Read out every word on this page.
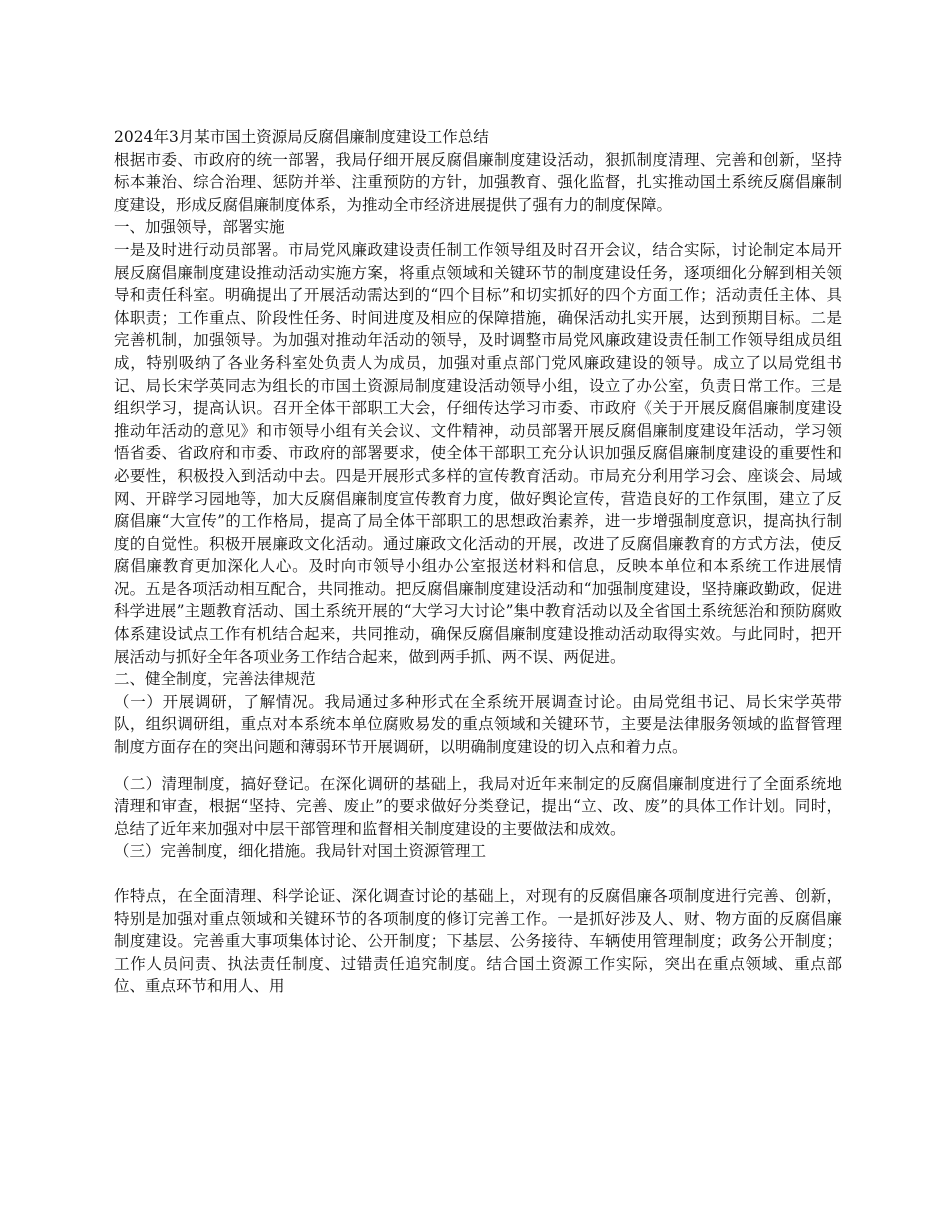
2024年3月某市国土资源局反腐倡廉制度建设工作总结

根据市委、市政府的统一部署，我局仔细开展反腐倡廉制度建设活动，狠抓制度清理、完善和创新，坚持标本兼治、综合治理、惩防并举、注重预防的方针，加强教育、强化监督，扎实推动国土系统反腐倡廉制度建设，形成反腐倡廉制度体系，为推动全市经济进展提供了强有力的制度保障。

一、加强领导，部署实施

一是及时进行动员部署。市局党风廉政建设责任制工作领导组及时召开会议，结合实际，讨论制定本局开展反腐倡廉制度建设推动活动实施方案，将重点领域和关键环节的制度建设任务，逐项细化分解到相关领导和责任科室。明确提出了开展活动需达到的“四个目标”和切实抓好的四个方面工作；活动责任主体、具体职责；工作重点、阶段性任务、时间进度及相应的保障措施，确保活动扎实开展，达到预期目标。二是完善机制，加强领导。为加强对推动年活动的领导，及时调整市局党风廉政建设责任制工作领导组成员组成，特别吸纳了各业务科室处负责人为成员，加强对重点部门党风廉政建设的领导。成立了以局党组书记、局长宋学英同志为组长的市国土资源局制度建设活动领导小组，设立了办公室，负责日常工作。三是组织学习，提高认识。召开全体干部职工大会，仔细传达学习市委、市政府《关于开展反腐倡廉制度建设推动年活动的意见》和市领导小组有关会议、文件精神，动员部署开展反腐倡廉制度建设年活动，学习领悟省委、省政府和市委、市政府的部署要求，使全体干部职工充分认识加强反腐倡廉制度建设的重要性和必要性，积极投入到活动中去。四是开展形式多样的宣传教育活动。市局充分利用学习会、座谈会、局域网、开辟学习园地等，加大反腐倡廉制度宣传教育力度，做好舆论宣传，营造良好的工作氛围，建立了反腐倡廉“大宣传”的工作格局，提高了局全体干部职工的思想政治素养，进一步增强制度意识，提高执行制度的自觉性。积极开展廉政文化活动。通过廉政文化活动的开展，改进了反腐倡廉教育的方式方法，使反腐倡廉教育更加深化人心。及时向市领导小组办公室报送材料和信息，反映本单位和本系统工作进展情况。五是各项活动相互配合，共同推动。把反腐倡廉制度建设活动和“加强制度建设，坚持廉政勤政，促进科学进展”主题教育活动、国土系统开展的“大学习大讨论”集中教育活动以及全省国土系统惩治和预防腐败体系建设试点工作有机结合起来，共同推动，确保反腐倡廉制度建设推动活动取得实效。与此同时，把开展活动与抓好全年各项业务工作结合起来，做到两手抓、两不误、两促进。

二、健全制度，完善法律规范

（一）开展调研，了解情况。我局通过多种形式在全系统开展调查讨论。由局党组书记、局长宋学英带队，组织调研组，重点对本系统本单位腐败易发的重点领域和关键环节，主要是法律服务领域的监督管理制度方面存在的突出问题和薄弱环节开展调研，以明确制度建设的切入点和着力点。

（二）清理制度，搞好登记。在深化调研的基础上，我局对近年来制定的反腐倡廉制度进行了全面系统地清理和审查，根据“坚持、完善、废止”的要求做好分类登记，提出“立、改、废”的具体工作计划。同时，总结了近年来加强对中层干部管理和监督相关制度建设的主要做法和成效。

（三）完善制度，细化措施。我局针对国土资源管理工

作特点，在全面清理、科学论证、深化调查讨论的基础上，对现有的反腐倡廉各项制度进行完善、创新，特别是加强对重点领域和关键环节的各项制度的修订完善工作。一是抓好涉及人、财、物方面的反腐倡廉制度建设。完善重大事项集体讨论、公开制度；下基层、公务接待、车辆使用管理制度；政务公开制度；工作人员问责、执法责任制度、过错责任追究制度。结合国土资源工作实际，突出在重点领域、重点部位、重点环节和用人、用
